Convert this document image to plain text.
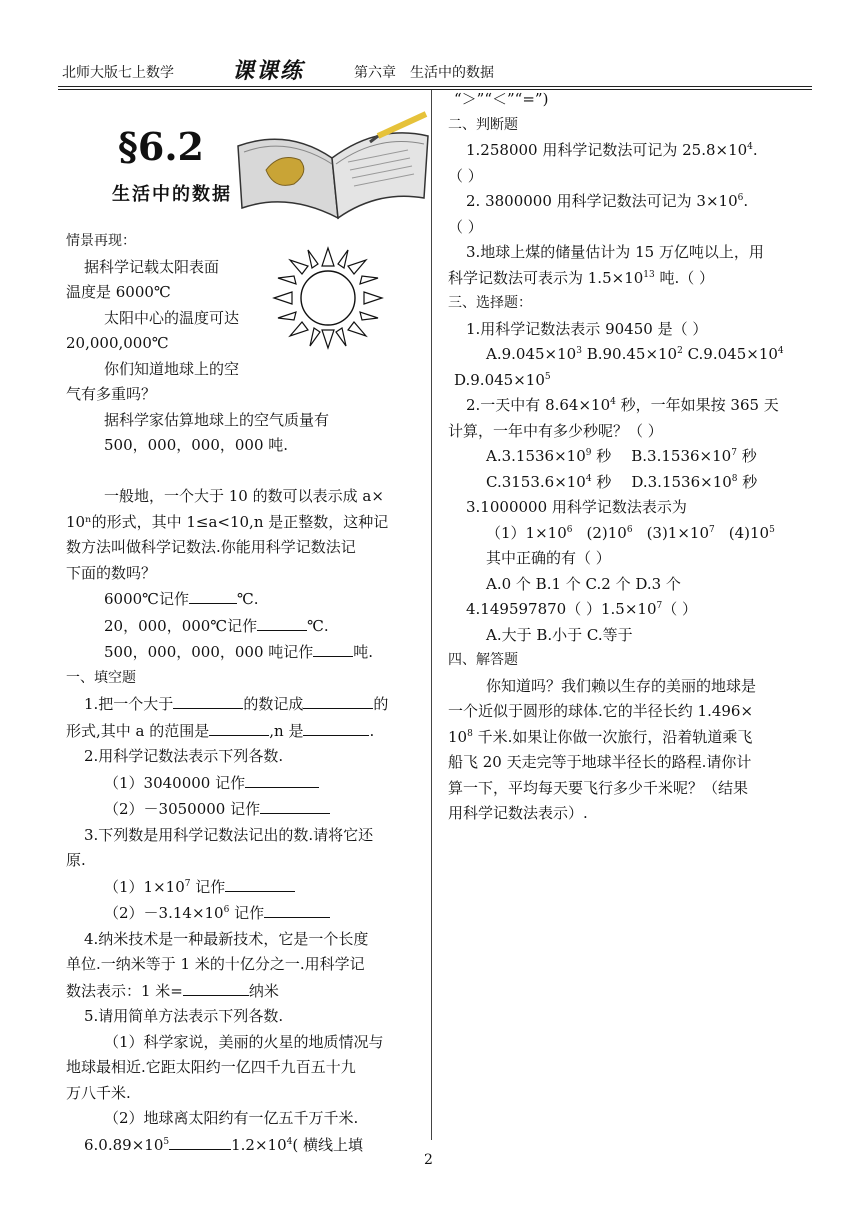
北师大版七上数学	课课练	第六章　生活中的数据
§6.2
生活中的数据

情景再现：

据科学记载太阳表面

温度是 6000℃

太阳中心的温度可达

20,000,000℃

你们知道地球上的空

气有多重吗？

据科学家估算地球上的空气质量有

500，000，000，000 吨.

一般地，一个大于 10 的数可以表示成 a×

10ⁿ的形式，其中 1≤a<10,n 是正整数，这种记

数方法叫做科学记数法.你能用科学记数法记

下面的数吗？

6000℃记作	℃.

20，000，000℃记作	℃.

500，000，000，000 吨记作	吨.

一、填空题

1.把一个大于	的数记成	的

形式,其中 a 的范围是	,n 是	.

2.用科学记数法表示下列各数.

（1）3040000 记作

（2）－3050000 记作

3.下列数是用科学记数法记出的数.请将它还

原.

$(1)1\times 10^7$ 记作

$(2)-3.14\times 10^6$ 记作

4.纳米技术是一种最新技术，它是一个长度

单位.一纳米等于 1 米的十亿分之一.用科学记

数法表示：1 米=	纳米

5.请用简单方法表示下列各数.

（1）科学家说，美丽的火星的地质情况与

地球最相近.它距太阳约一亿四千九百五十九

万八千米.

（2）地球离太阳约有一亿五千万千米.

$6.0.89\times 10^5$	$1.2\times 10^4$( 横线上填

“＞”“＜”“=”)

二、判断题

1.258000 用科学记数法可记为 $25.8\times 10^4$.

（ ）

2. 3800000 用科学记数法可记为 $3\times 10^6$.

（ ）

3.地球上煤的储量估计为 15 万亿吨以上，用

科学记数法可表示为 $1.5\times 10^{13}$ 吨.（ ）

三、选择题：

1.用科学记数法表示 90450 是（ ）

$A.9.045\times 10^3$ $B.90.45\times 10^2$ $C.9.045\times 10^4$

$D.9.045\times 10^5$

2.一天中有 $8.64\times 10^4$ 秒，一年如果按 365 天

计算，一年中有多少秒呢？（ ）

$A.3.1536\times 10^9$ 秒 $B.3.1536\times 10^7$ 秒

$C.3153.6\times 10^4$ 秒 $D.3.1536\times 10^8$ 秒

3.1000000 用科学记数法表示为

$(1)1\times 10^6$ $(2)10^6$ $(3)1\times 10^7$ $(4)10^5$

其中正确的有（ ）

A.0 个 B.1 个 C.2 个 D.3 个

4.149597870（ ）$1.5\times 10^7$（ ）

A.大于 B.小于 C.等于

四、解答题

你知道吗？我们赖以生存的美丽的地球是

一个近似于圆形的球体.它的半径长约 1.496×

$10^8$ 千米.如果让你做一次旅行，沿着轨道乘飞

船飞 20 天走完等于地球半径长的路程.请你计

算一下，平均每天要飞行多少千米呢？（结果

用科学记数法表示）.

2
